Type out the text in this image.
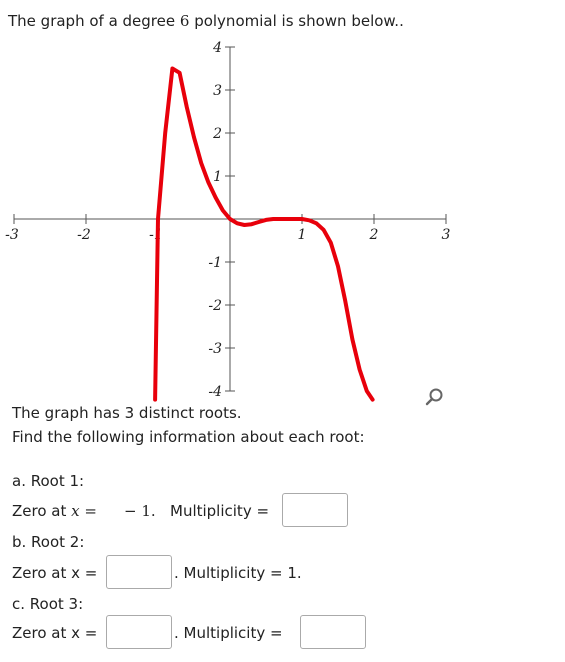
The graph of a degree 6 polynomial is shown below..
-3	-2	-1	1	2	3
-4
-3
-2
-1
1
2
3
4
The graph has 3 distinct roots.
Find the following information about each root:
a. Root 1:
Zero at x = − 1. Multiplicity =
b. Root 2:
Zero at x =	. Multiplicity = 1.
c. Root 3:
Zero at x =	. Multiplicity =
